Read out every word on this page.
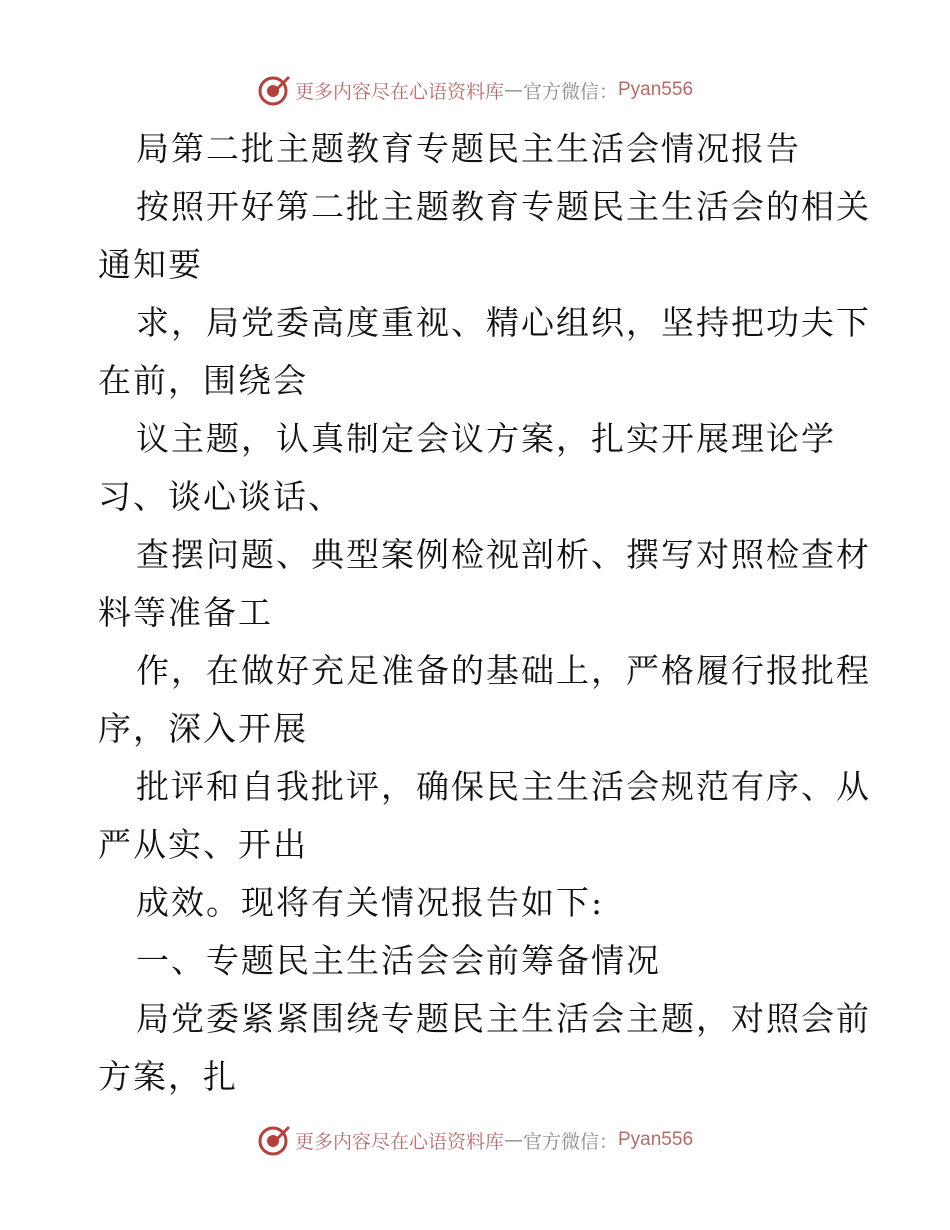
更多内容尽在心语资料库 — 官方微信： Pyan556
局第二批主题教育专题民主生活会情况报告
按照开好第二批主题教育专题民主生活会的相关
通知要
求，局党委高度重视、精心组织，坚持把功夫下
在前，围绕会
议主题，认真制定会议方案，扎实开展理论学
习、谈心谈话、
查摆问题、典型案例检视剖析、撰写对照检查材
料等准备工
作，在做好充足准备的基础上，严格履行报批程
序，深入开展
批评和自我批评，确保民主生活会规范有序、从
严从实、开出
成效。现将有关情况报告如下:
一、专题民主生活会会前筹备情况
局党委紧紧围绕专题民主生活会主题，对照会前
方案，扎
更多内容尽在心语资料库 — 官方微信： Pyan556
